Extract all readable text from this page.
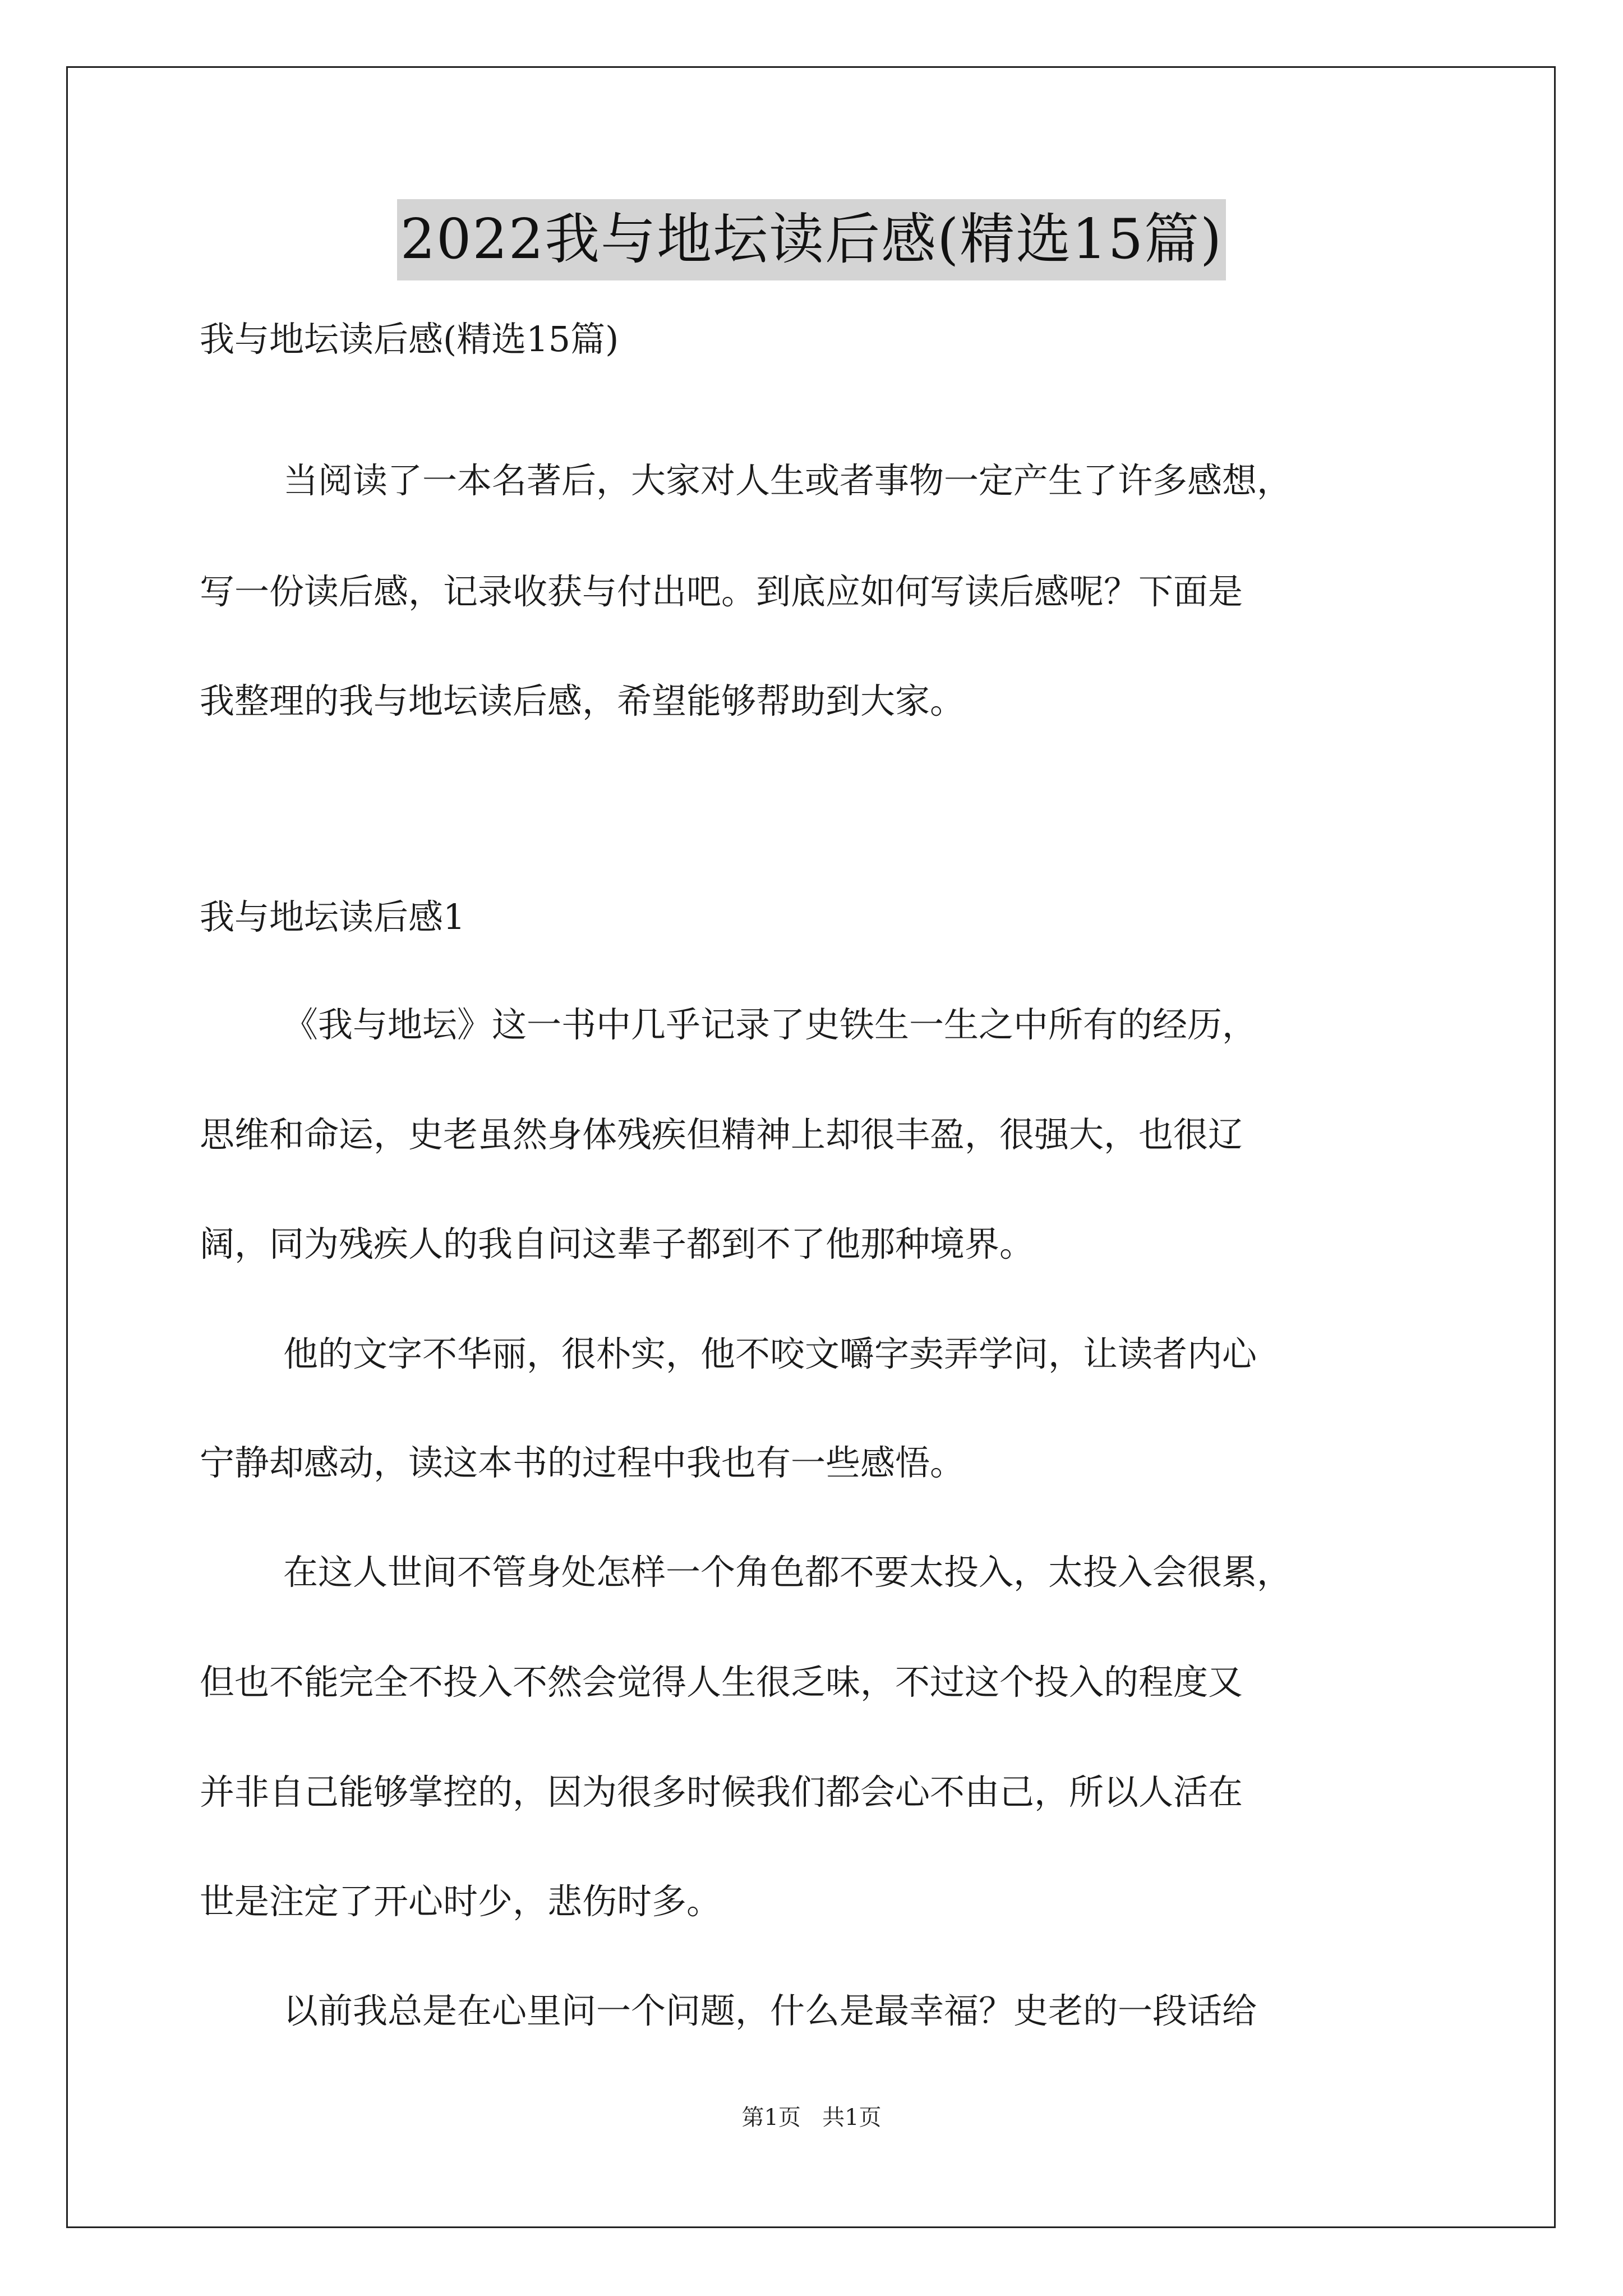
2022我与地坛读后感(精选15篇)
我与地坛读后感(精选15篇)
当阅读了一本名著后，大家对人生或者事物一定产生了许多感想，
写一份读后感，记录收获与付出吧。到底应如何写读后感呢？下面是
我整理的我与地坛读后感，希望能够帮助到大家。
我与地坛读后感1
《我与地坛》这一书中几乎记录了史铁生一生之中所有的经历，
思维和命运，史老虽然身体残疾但精神上却很丰盈，很强大，也很辽
阔，同为残疾人的我自问这辈子都到不了他那种境界。
他的文字不华丽，很朴实，他不咬文嚼字卖弄学问，让读者内心
宁静却感动，读这本书的过程中我也有一些感悟。
在这人世间不管身处怎样一个角色都不要太投入，太投入会很累，
但也不能完全不投入不然会觉得人生很乏味，不过这个投入的程度又
并非自己能够掌控的，因为很多时候我们都会心不由己，所以人活在
世是注定了开心时少，悲伤时多。
以前我总是在心里问一个问题，什么是最幸福？史老的一段话给
第1页 共1页
